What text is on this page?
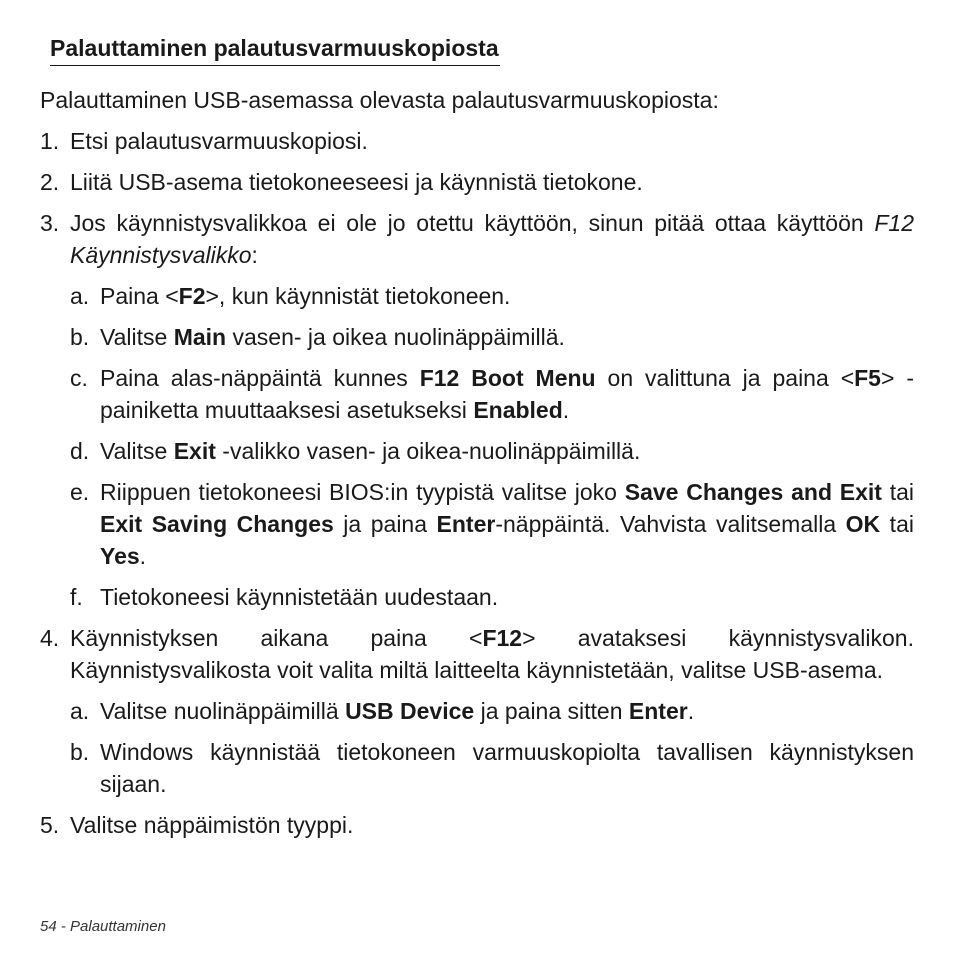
Palauttaminen palautusvarmuuskopiosta

Palauttaminen USB-asemassa olevasta palautusvarmuuskopiosta:

1. Etsi palautusvarmuuskopiosi.
2. Liitä USB-asema tietokoneeseesi ja käynnistä tietokone.
3. Jos käynnistysvalikkoa ei ole jo otettu käyttöön, sinun pitää ottaa käyttöön F12 Käynnistysvalikko:
a. Paina <F2>, kun käynnistät tietokoneen.
b. Valitse Main vasen- ja oikea nuolinäppäimillä.
c. Paina alas-näppäintä kunnes F12 Boot Menu on valittuna ja paina <F5> -painiketta muuttaaksesi asetukseksi Enabled.
d. Valitse Exit -valikko vasen- ja oikea-nuolinäppäimillä.
e. Riippuen tietokoneesi BIOS:in tyypistä valitse joko Save Changes and Exit tai Exit Saving Changes ja paina Enter-näppäintä. Vahvista valitsemalla OK tai Yes.
f. Tietokoneesi käynnistetään uudestaan.
4. Käynnistyksen aikana paina <F12> avataksesi käynnistysvalikon. Käynnistysvalikosta voit valita miltä laitteelta käynnistetään, valitse USB-asema.
a. Valitse nuolinäppäimillä USB Device ja paina sitten Enter.
b. Windows käynnistää tietokoneen varmuuskopiolta tavallisen käynnistyksen sijaan.
5. Valitse näppäimistön tyyppi.
54 - Palauttaminen
